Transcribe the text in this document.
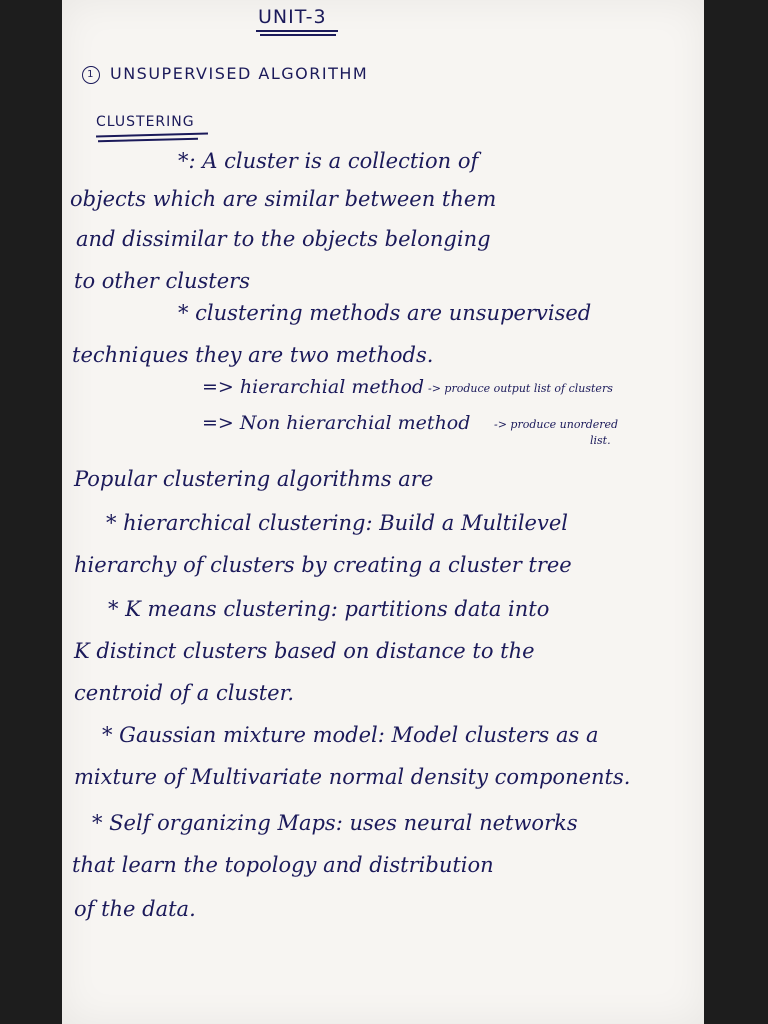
UNIT-3
1 UNSUPERVISED ALGORITHM
CLUSTERING
*: A cluster is a collection of
objects which are similar between them
and dissimilar to the objects belonging
to other clusters
* clustering methods are unsupervised
techniques they are two methods.
=> hierarchial method -> produce output list of clusters
=> Non hierarchial method -> produce unordered
list.
Popular clustering algorithms are
* hierarchical clustering: Build a Multilevel
hierarchy of clusters by creating a cluster tree
* K means clustering: partitions data into
K distinct clusters based on distance to the
centroid of a cluster.
* Gaussian mixture model: Model clusters as a
mixture of Multivariate normal density components.
* Self organizing Maps: uses neural networks
that learn the topology and distribution
of the data.
